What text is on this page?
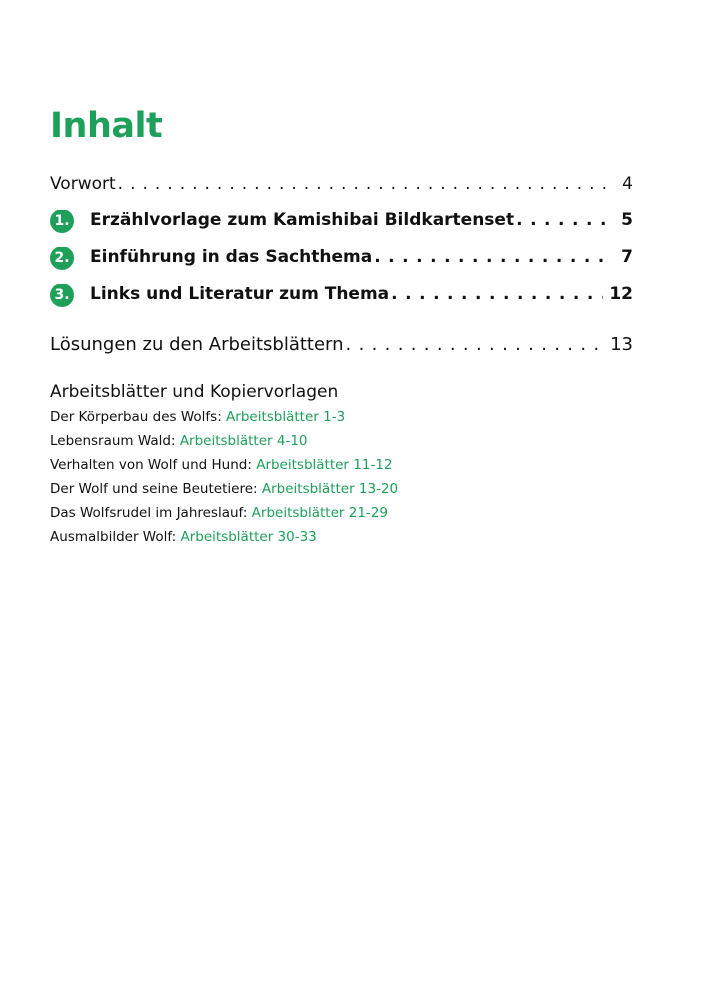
Inhalt
Vorwort . . .	4
1. Erzählvorlage zum Kamishibai Bildkartenset . . .	5
2. Einführung in das Sachthema . . .	7
3. Links und Literatur zum Thema . . .	12
Lösungen zu den Arbeitsblättern . . .	13
Arbeitsblätter und Kopiervorlagen
Der Körperbau des Wolfs: Arbeitsblätter 1-3
Lebensraum Wald: Arbeitsblätter 4-10
Verhalten von Wolf und Hund: Arbeitsblätter 11-12
Der Wolf und seine Beutetiere: Arbeitsblätter 13-20
Das Wolfsrudel im Jahreslauf: Arbeitsblätter 21-29
Ausmalbilder Wolf: Arbeitsblätter 30-33
